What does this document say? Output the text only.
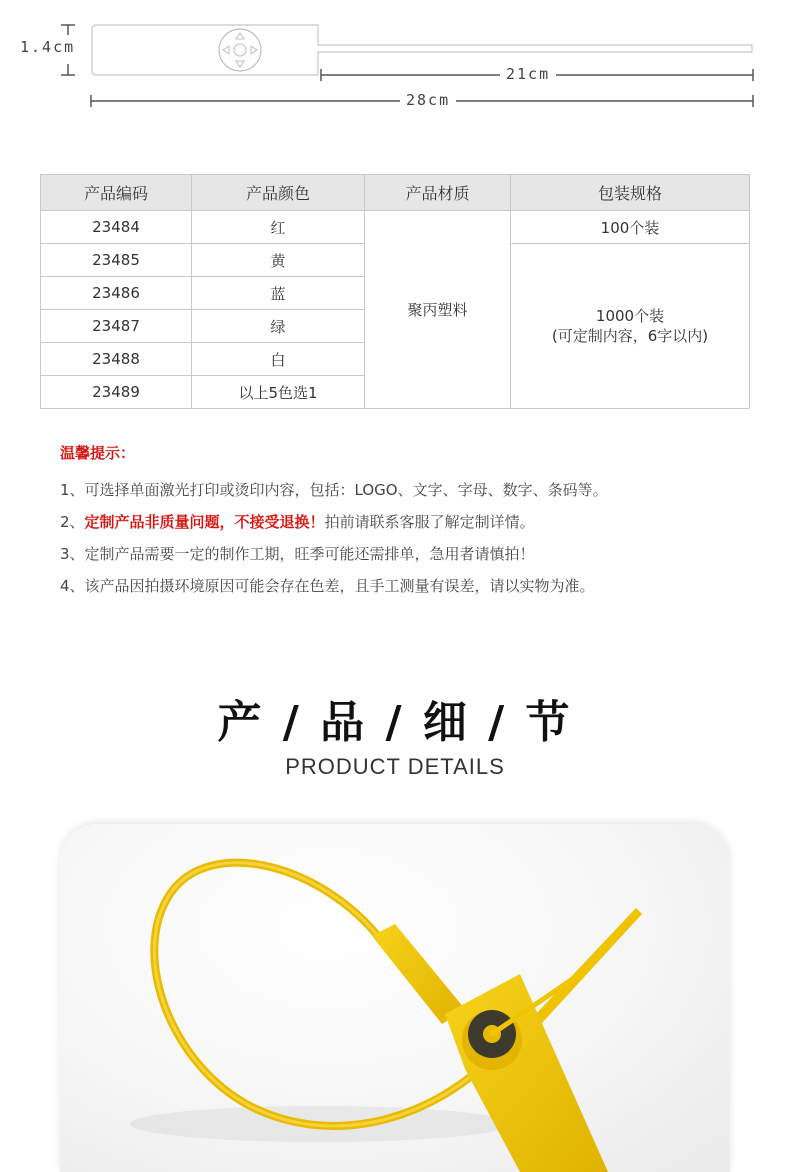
1.4cm
21cm
28cm
产品编码	产品颜色	产品材质	包装规格
23484	红	聚丙塑料	100个装
23485	黄		1000个装
(可定制内容，6字以内)

23486	蓝		
23487	绿		
23488	白		
23489	以上5色选1		
温馨提示：
1、可选择单面激光打印或烫印内容，包括：LOGO、文字、字母、数字、条码等。
2、定制产品非质量问题，不接受退换！拍前请联系客服了解定制详情。
3、定制产品需要一定的制作工期，旺季可能还需排单，急用者请慎拍！
4、该产品因拍摄环境原因可能会存在色差，且手工测量有误差，请以实物为准。
产 / 品 / 细 / 节
PRODUCT DETAILS
